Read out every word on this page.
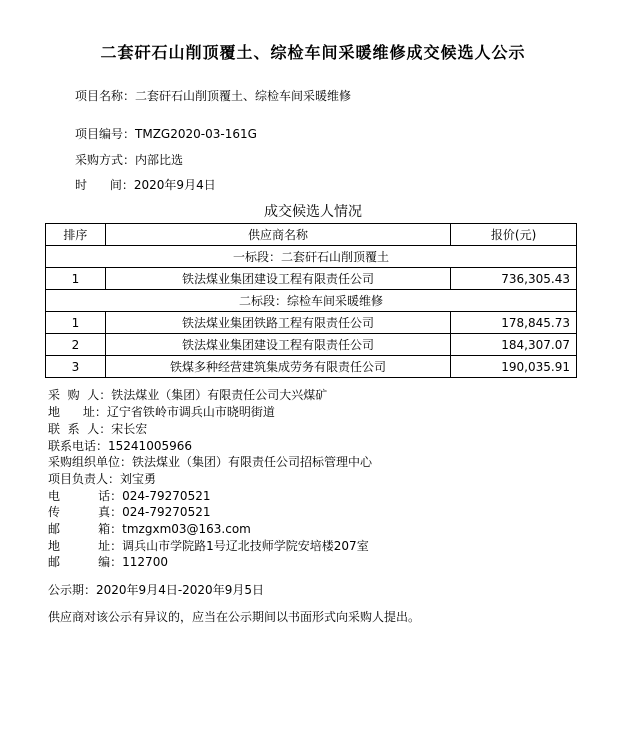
二套矸石山削顶覆土、综检车间采暖维修成交候选人公示
项目名称：二套矸石山削顶覆土、综检车间采暖维修
项目编号：TMZG2020-03-161G
采购方式：内部比选
时      间：2020年9月4日
成交候选人情况
排序	供应商名称	报价(元)
一标段：二套矸石山削顶覆土		
1	铁法煤业集团建设工程有限责任公司	736,305.43
二标段：综检车间采暖维修		
1	铁法煤业集团铁路工程有限责任公司	178,845.73
2	铁法煤业集团建设工程有限责任公司	184,307.07
3	铁煤多种经营建筑集成劳务有限责任公司	190,035.91
采  购  人：铁法煤业（集团）有限责任公司大兴煤矿
地      址：辽宁省铁岭市调兵山市晓明街道
联  系  人：宋长宏
联系电话：15241005966
采购组织单位：铁法煤业（集团）有限责任公司招标管理中心
项目负责人：刘宝勇
电          话：024-79270521
传          真：024-79270521
邮          箱：tmzgxm03@163.com
地          址：调兵山市学院路1号辽北技师学院安培楼207室
邮          编：112700
公示期：2020年9月4日-2020年9月5日
供应商对该公示有异议的，应当在公示期间以书面形式向采购人提出。
